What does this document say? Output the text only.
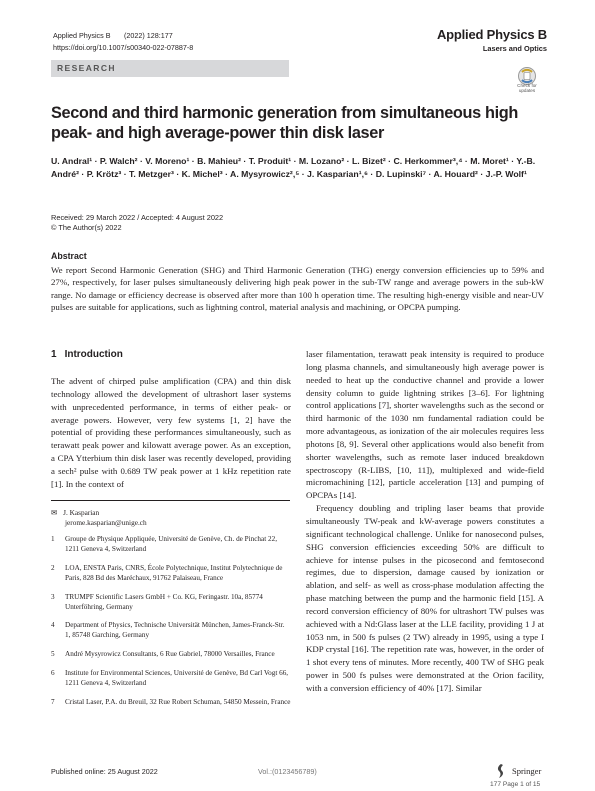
Applied Physics B (2022) 128:177
https://doi.org/10.1007/s00340-022-07887-8
Applied Physics B
Lasers and Optics
RESEARCH
Check for
updates
Second and third harmonic generation from simultaneous high peak- and high average-power thin disk laser
U. Andral¹ · P. Walch² · V. Moreno¹ · B. Mahieu² · T. Produit¹ · M. Lozano² · L. Bizet² · C. Herkommer³,⁴ · M. Moret¹ · Y.-B. André² · P. Krötz³ · T. Metzger³ · K. Michel³ · A. Mysyrowicz²,⁵ · J. Kasparian¹,⁶ · D. Lupinski⁷ · A. Houard² · J.-P. Wolf¹
Received: 29 March 2022 / Accepted: 4 August 2022
© The Author(s) 2022
Abstract
We report Second Harmonic Generation (SHG) and Third Harmonic Generation (THG) energy conversion efficiencies up to 59% and 27%, respectively, for laser pulses simultaneously delivering high peak power in the sub-TW range and average powers in the sub-kW range. No damage or efficiency decrease is observed after more than 100 h operation time. The resulting high-energy visible and near-UV pulses are suitable for applications, such as lightning control, material analysis and machining, or OPCPA pumping.
1 Introduction

The advent of chirped pulse amplification (CPA) and thin disk technology allowed the development of ultrashort laser systems with unprecedented performance, in terms of either peak- or average powers. However, very few systems [1, 2] have the potential of providing these performances simultaneously, such as terawatt peak power and kilowatt average power. As an exception, a CPA Ytterbium thin disk laser was recently developed, providing a sech² pulse with 0.689 TW peak power at 1 kHz repetition rate [1]. In the context of

✉ J. Kasparian
jerome.kasparian@unige.ch
1 Groupe de Physique Appliquée, Université de Genève, Ch. de Pinchat 22, 1211 Geneva 4, Switzerland
2 LOA, ENSTA Paris, CNRS, École Polytechnique, Institut Polytechnique de Paris, 828 Bd des Maréchaux, 91762 Palaiseau, France
3 TRUMPF Scientific Lasers GmbH + Co. KG, Feringastr. 10a, 85774 Unterföhring, Germany
4 Department of Physics, Technische Universität München, James-Franck-Str. 1, 85748 Garching, Germany
5 André Mysyrowicz Consultants, 6 Rue Gabriel, 78000 Versailles, France
6 Institute for Environmental Sciences, Université de Genève, Bd Carl Vogt 66, 1211 Geneva 4, Switzerland
7 Cristal Laser, P.A. du Breuil, 32 Rue Robert Schuman, 54850 Messein, France

laser filamentation, terawatt peak intensity is required to produce long plasma channels, and simultaneously high average power is needed to heat up the conductive channel and provide a lower density column to guide lightning strikes [3–6]. For lightning control applications [7], shorter wavelengths such as the second or third harmonic of the 1030 nm fundamental radiation could be more advantageous, as ionization of the air molecules requires less photons [8, 9]. Several other applications would also benefit from shorter wavelengths, such as remote laser induced breakdown spectroscopy (R-LIBS, [10, 11]), multiplexed and wide-field micromachining [12], particle acceleration [13] and pumping of OPCPAs [14].

Frequency doubling and tripling laser beams that provide simultaneously TW-peak and kW-average powers constitutes a significant technological challenge. Unlike for nanosecond pulses, SHG conversion efficiencies exceeding 50% are difficult to achieve for intense pulses in the picosecond and femtosecond regimes, due to dispersion, damage caused by ionization or ablation, and self- as well as cross-phase modulation affecting the phase matching between the pump and the harmonic field [15]. A record conversion efficiency of 80% for ultrashort TW pulses was achieved with a Nd:Glass laser at the LLE facility, providing 1 J at 1053 nm, in 500 fs pulses (2 TW) already in 1995, using a type I KDP crystal [16]. The repetition rate was, however, in the order of 1 shot every tens of minutes. More recently, 400 TW of SHG peak power in 500 fs pulses were demonstrated at the Orion facility, with a conversion efficiency of 40% [17]. Similar

Published online: 25 August 2022	Vol.:(0123456789)	Springer
177 Page 1 of 15
